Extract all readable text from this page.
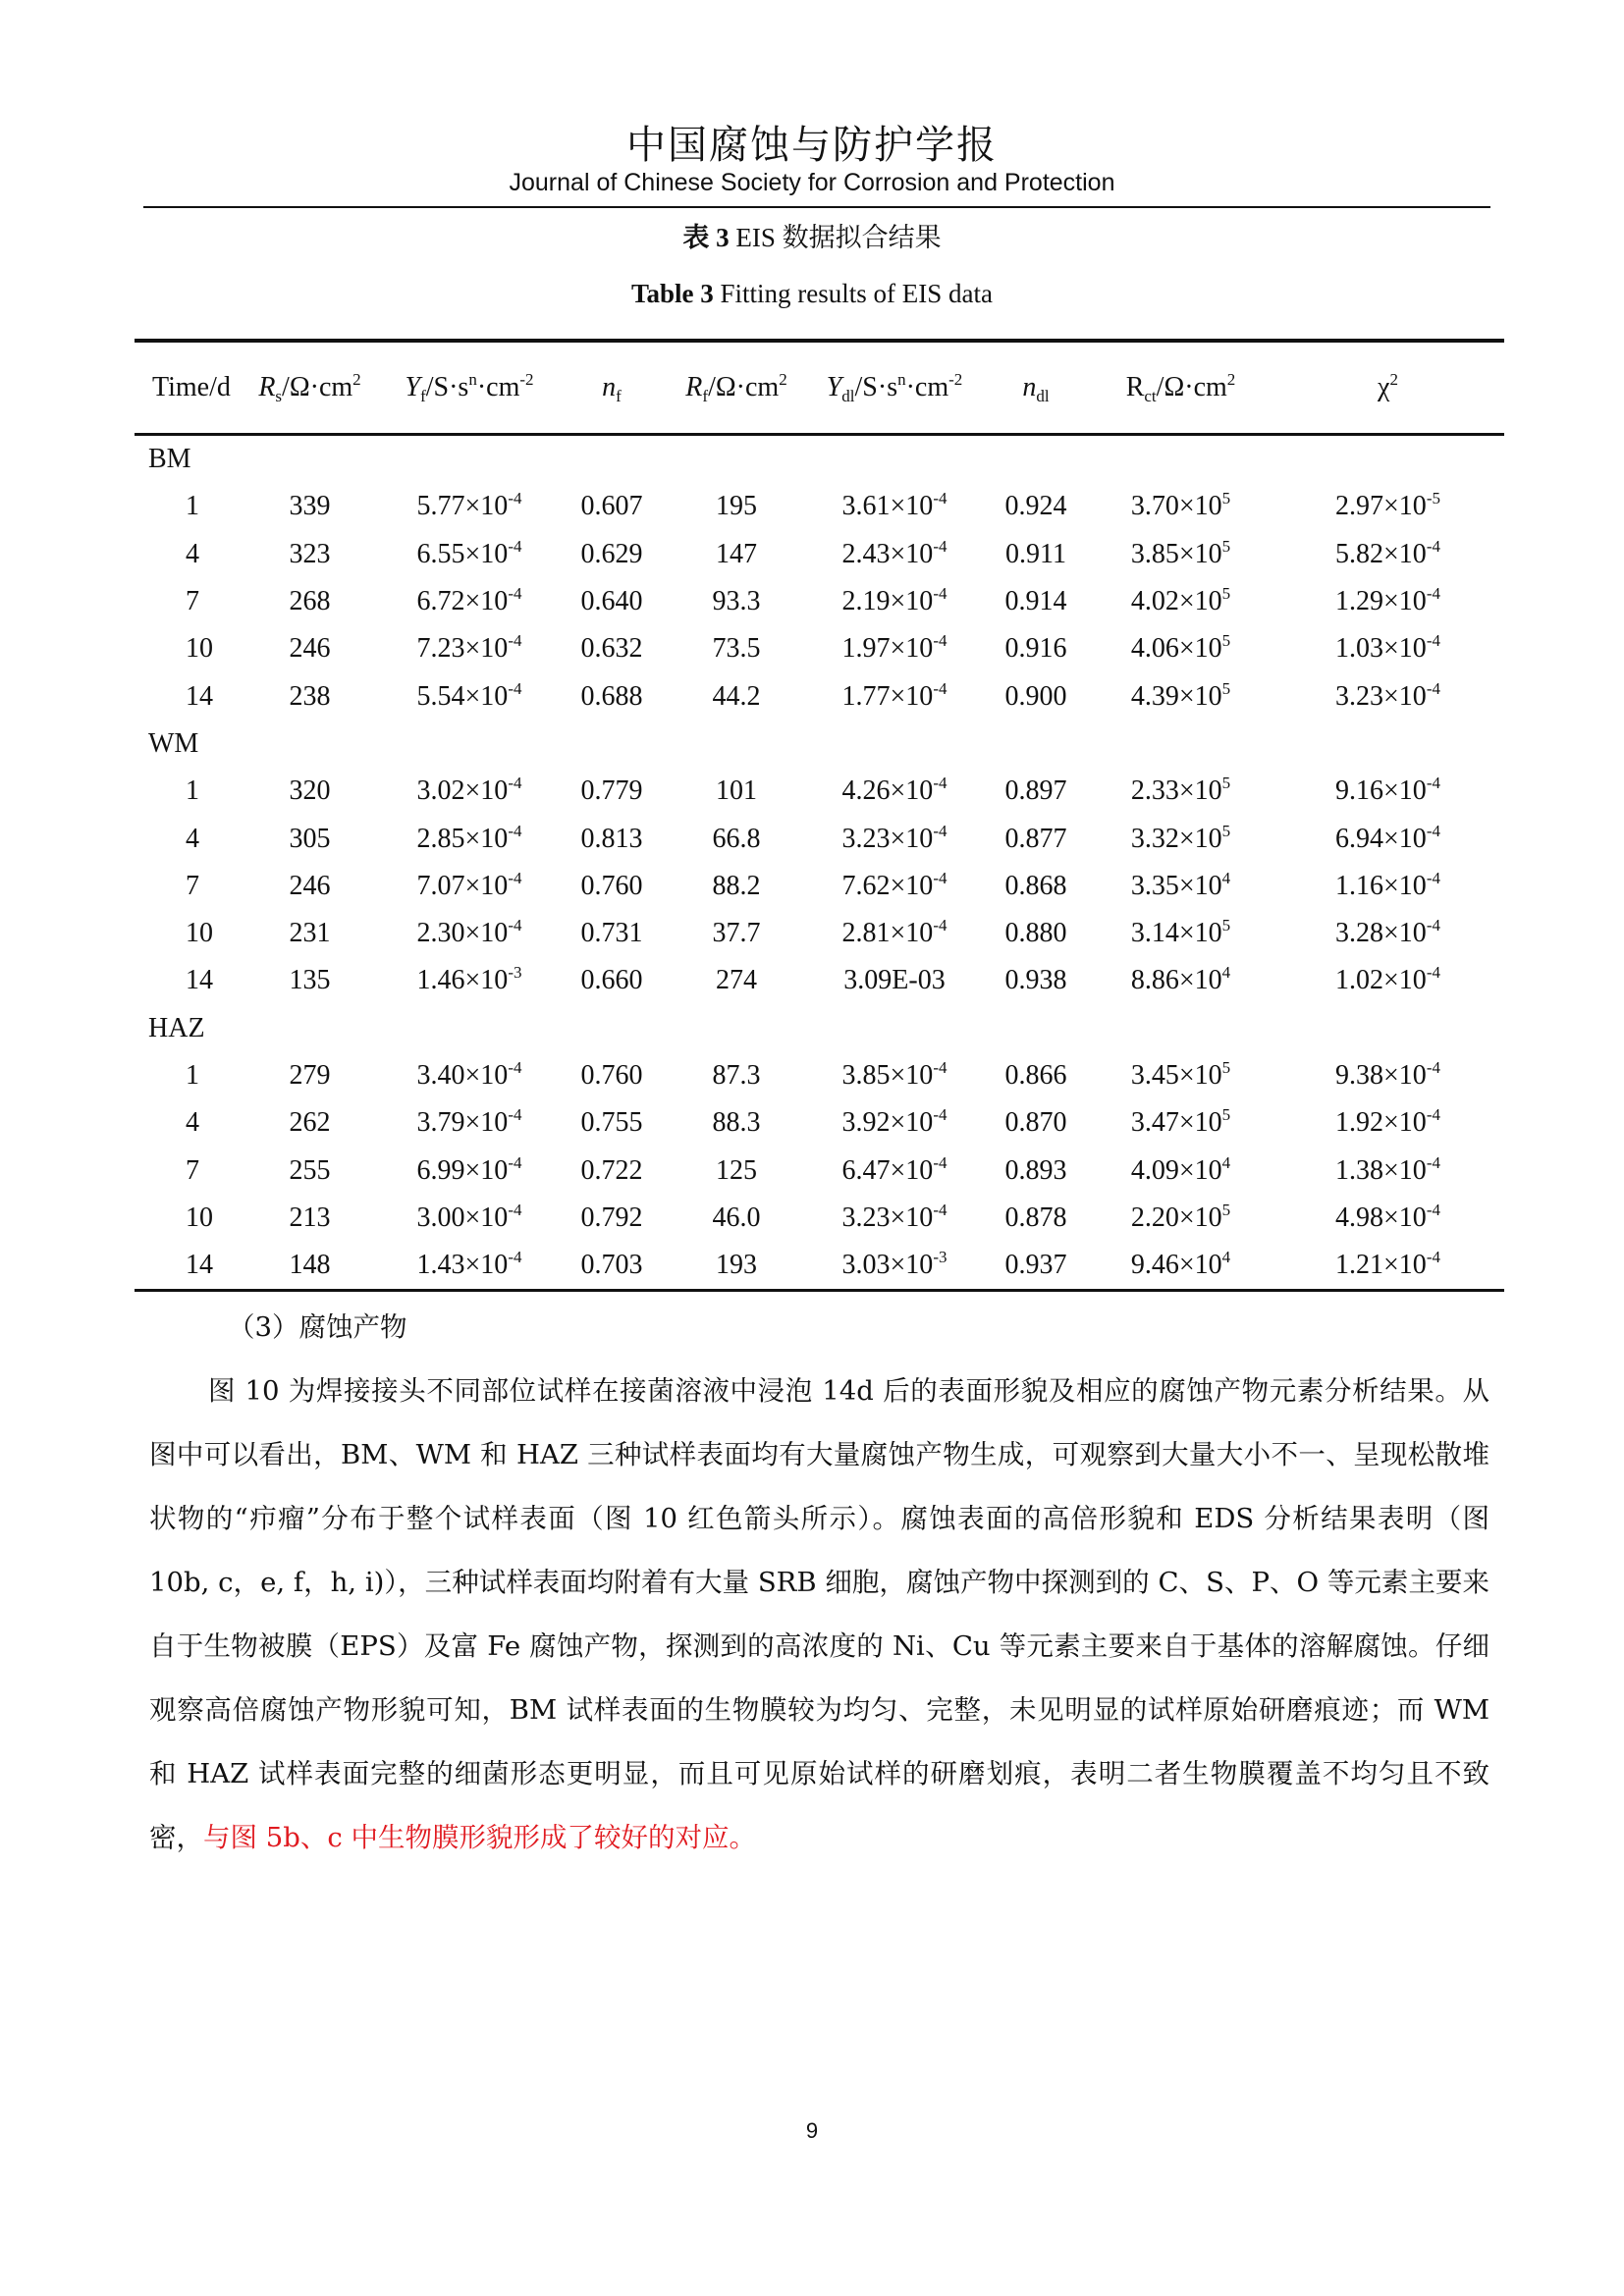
中国腐蚀与防护学报
Journal of Chinese Society for Corrosion and Protection
表 3 EIS 数据拟合结果
Table 3 Fitting results of EIS data
Time/d	$R_s/\Omega\cdot cm^2$	$Y_f/S\cdot s^n\cdot cm^{-2}$	$n_f$	$R_f/\Omega\cdot cm^2$	$Y_{dl}/S\cdot s^n\cdot cm^{-2}$	$n_{dl}$	$R_{ct}/\Omega\cdot cm^2$	$\chi^2$
BM								
1	339	$5.77\times 10^{-4}$	0.607	195	$3.61\times 10^{-4}$	0.924	$3.70\times 10^5$	$2.97\times 10^{-5}$
4	323	$6.55\times 10^{-4}$	0.629	147	$2.43\times 10^{-4}$	0.911	$3.85\times 10^5$	$5.82\times 10^{-4}$
7	268	$6.72\times 10^{-4}$	0.640	93.3	$2.19\times 10^{-4}$	0.914	$4.02\times 10^5$	$1.29\times 10^{-4}$
10	246	$7.23\times 10^{-4}$	0.632	73.5	$1.97\times 10^{-4}$	0.916	$4.06\times 10^5$	$1.03\times 10^{-4}$
14	238	$5.54\times 10^{-4}$	0.688	44.2	$1.77\times 10^{-4}$	0.900	$4.39\times 10^5$	$3.23\times 10^{-4}$
WM								
1	320	$3.02\times 10^{-4}$	0.779	101	$4.26\times 10^{-4}$	0.897	$2.33\times 10^5$	$9.16\times 10^{-4}$
4	305	$2.85\times 10^{-4}$	0.813	66.8	$3.23\times 10^{-4}$	0.877	$3.32\times 10^5$	$6.94\times 10^{-4}$
7	246	$7.07\times 10^{-4}$	0.760	88.2	$7.62\times 10^{-4}$	0.868	$3.35\times 10^4$	$1.16\times 10^{-4}$
10	231	$2.30\times 10^{-4}$	0.731	37.7	$2.81\times 10^{-4}$	0.880	$3.14\times 10^5$	$3.28\times 10^{-4}$
14	135	$1.46\times 10^{-3}$	0.660	274	3.09E-03	0.938	$8.86\times 10^4$	$1.02\times 10^{-4}$
HAZ								
1	279	$3.40\times 10^{-4}$	0.760	87.3	$3.85\times 10^{-4}$	0.866	$3.45\times 10^5$	$9.38\times 10^{-4}$
4	262	$3.79\times 10^{-4}$	0.755	88.3	$3.92\times 10^{-4}$	0.870	$3.47\times 10^5$	$1.92\times 10^{-4}$
7	255	$6.99\times 10^{-4}$	0.722	125	$6.47\times 10^{-4}$	0.893	$4.09\times 10^4$	$1.38\times 10^{-4}$
10	213	$3.00\times 10^{-4}$	0.792	46.0	$3.23\times 10^{-4}$	0.878	$2.20\times 10^5$	$4.98\times 10^{-4}$
14	148	$1.43\times 10^{-4}$	0.703	193	$3.03\times 10^{-3}$	0.937	$9.46\times 10^4$	$1.21\times 10^{-4}$

（3）腐蚀产物

图 10 为焊接接头不同部位试样在接菌溶液中浸泡 14d 后的表面形貌及相应的腐蚀产物元素分析结果。从图中可以看出，BM、WM 和 HAZ 三种试样表面均有大量腐蚀产物生成，可观察到大量大小不一、呈现松散堆状物的“疖瘤”分布于整个试样表面（图 10 红色箭头所示）。腐蚀表面的高倍形貌和 EDS 分析结果表明（图 10b, c，e, f，h, i)），三种试样表面均附着有大量 SRB 细胞，腐蚀产物中探测到的 C、S、P、O 等元素主要来自于生物被膜（EPS）及富 Fe 腐蚀产物，探测到的高浓度的 Ni、Cu 等元素主要来自于基体的溶解腐蚀。仔细观察高倍腐蚀产物形貌可知，BM 试样表面的生物膜较为均匀、完整，未见明显的试样原始研磨痕迹；而 WM 和 HAZ 试样表面完整的细菌形态更明显，而且可见原始试样的研磨划痕，表明二者生物膜覆盖不均匀且不致密，与图 5b、c 中生物膜形貌形成了较好的对应。

9
